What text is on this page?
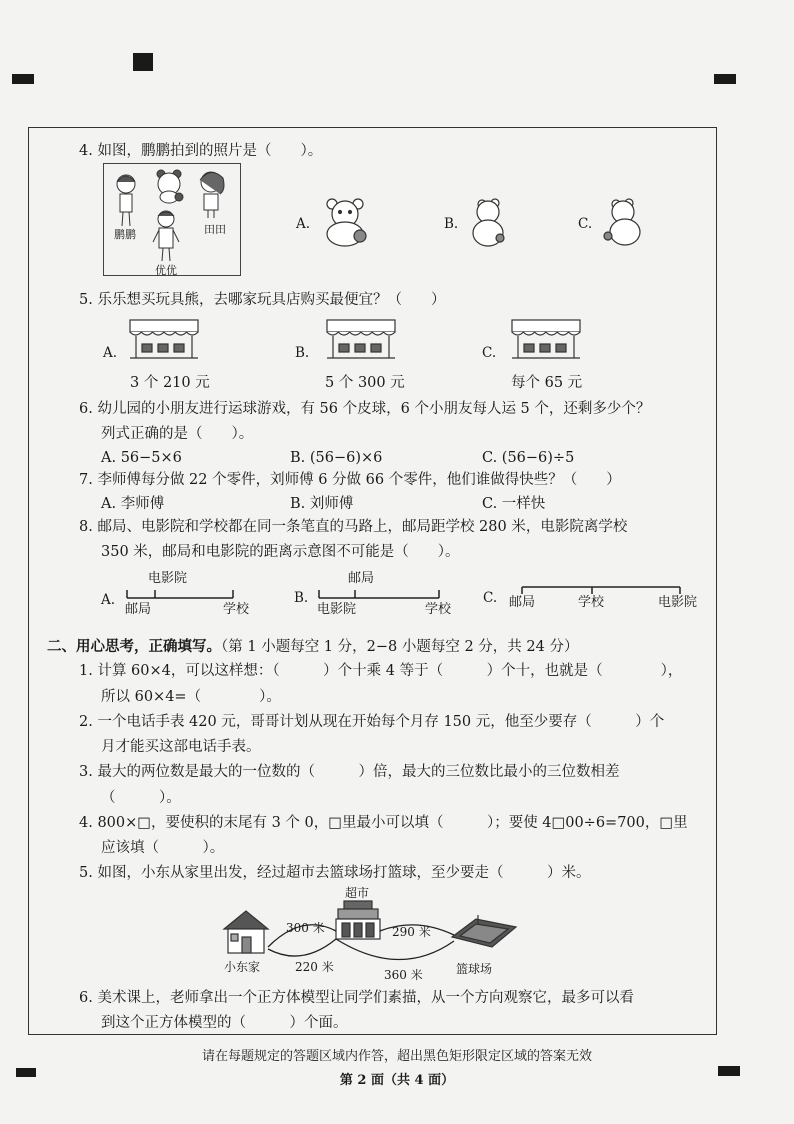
4. 如图，鹏鹏拍到的照片是（　　）。
鹏鹏	田田
优优
A.	B.	C.
5. 乐乐想买玩具熊，去哪家玩具店购买最便宜？（　　）
A.
3 个 210 元
B.
5 个 300 元
C.
每个 65 元
6. 幼儿园的小朋友进行运球游戏，有 56 个皮球，6 个小朋友每人运 5 个，还剩多少个？
列式正确的是（　　）。
A. 56−5×6	B. (56−6)×6	C. (56−6)÷5
7. 李师傅每分做 22 个零件，刘师傅 6 分做 66 个零件，他们谁做得快些？（　　）
A. 李师傅	B. 刘师傅	C. 一样快
8. 邮局、电影院和学校都在同一条笔直的马路上，邮局距学校 280 米，电影院离学校
350 米，邮局和电影院的距离示意图不可能是（　　）。
A.
电影院
邮局	学校
B.
邮局
电影院	学校
C. 邮局	学校	电影院
二、用心思考，正确填写。（第 1 小题每空 1 分，2−8 小题每空 2 分，共 24 分）
1. 计算 60×4，可以这样想：（　　　）个十乘 4 等于（　　　）个十，也就是（　　　　），
所以 60×4=（　　　　）。
2. 一个电话手表 420 元，哥哥计划从现在开始每个月存 150 元，他至少要存（　　　）个
月才能买这部电话手表。
3. 最大的两位数是最大的一位数的（　　　）倍，最大的三位数比最小的三位数相差
（　　　）。
4. 800×□，要使积的末尾有 3 个 0，□里最小可以填（　　　）；要使 4□00÷6=700，□里
应该填（　　　）。
5. 如图，小东从家里出发，经过超市去篮球场打篮球，至少要走（　　　）米。
超市
300 米	290 米
小东家	220 米
360 米	篮球场
6. 美术课上，老师拿出一个正方体模型让同学们素描，从一个方向观察它，最多可以看
到这个正方体模型的（　　　）个面。
请在每题规定的答题区域内作答，超出黑色矩形限定区域的答案无效
第 2 面（共 4 面）
